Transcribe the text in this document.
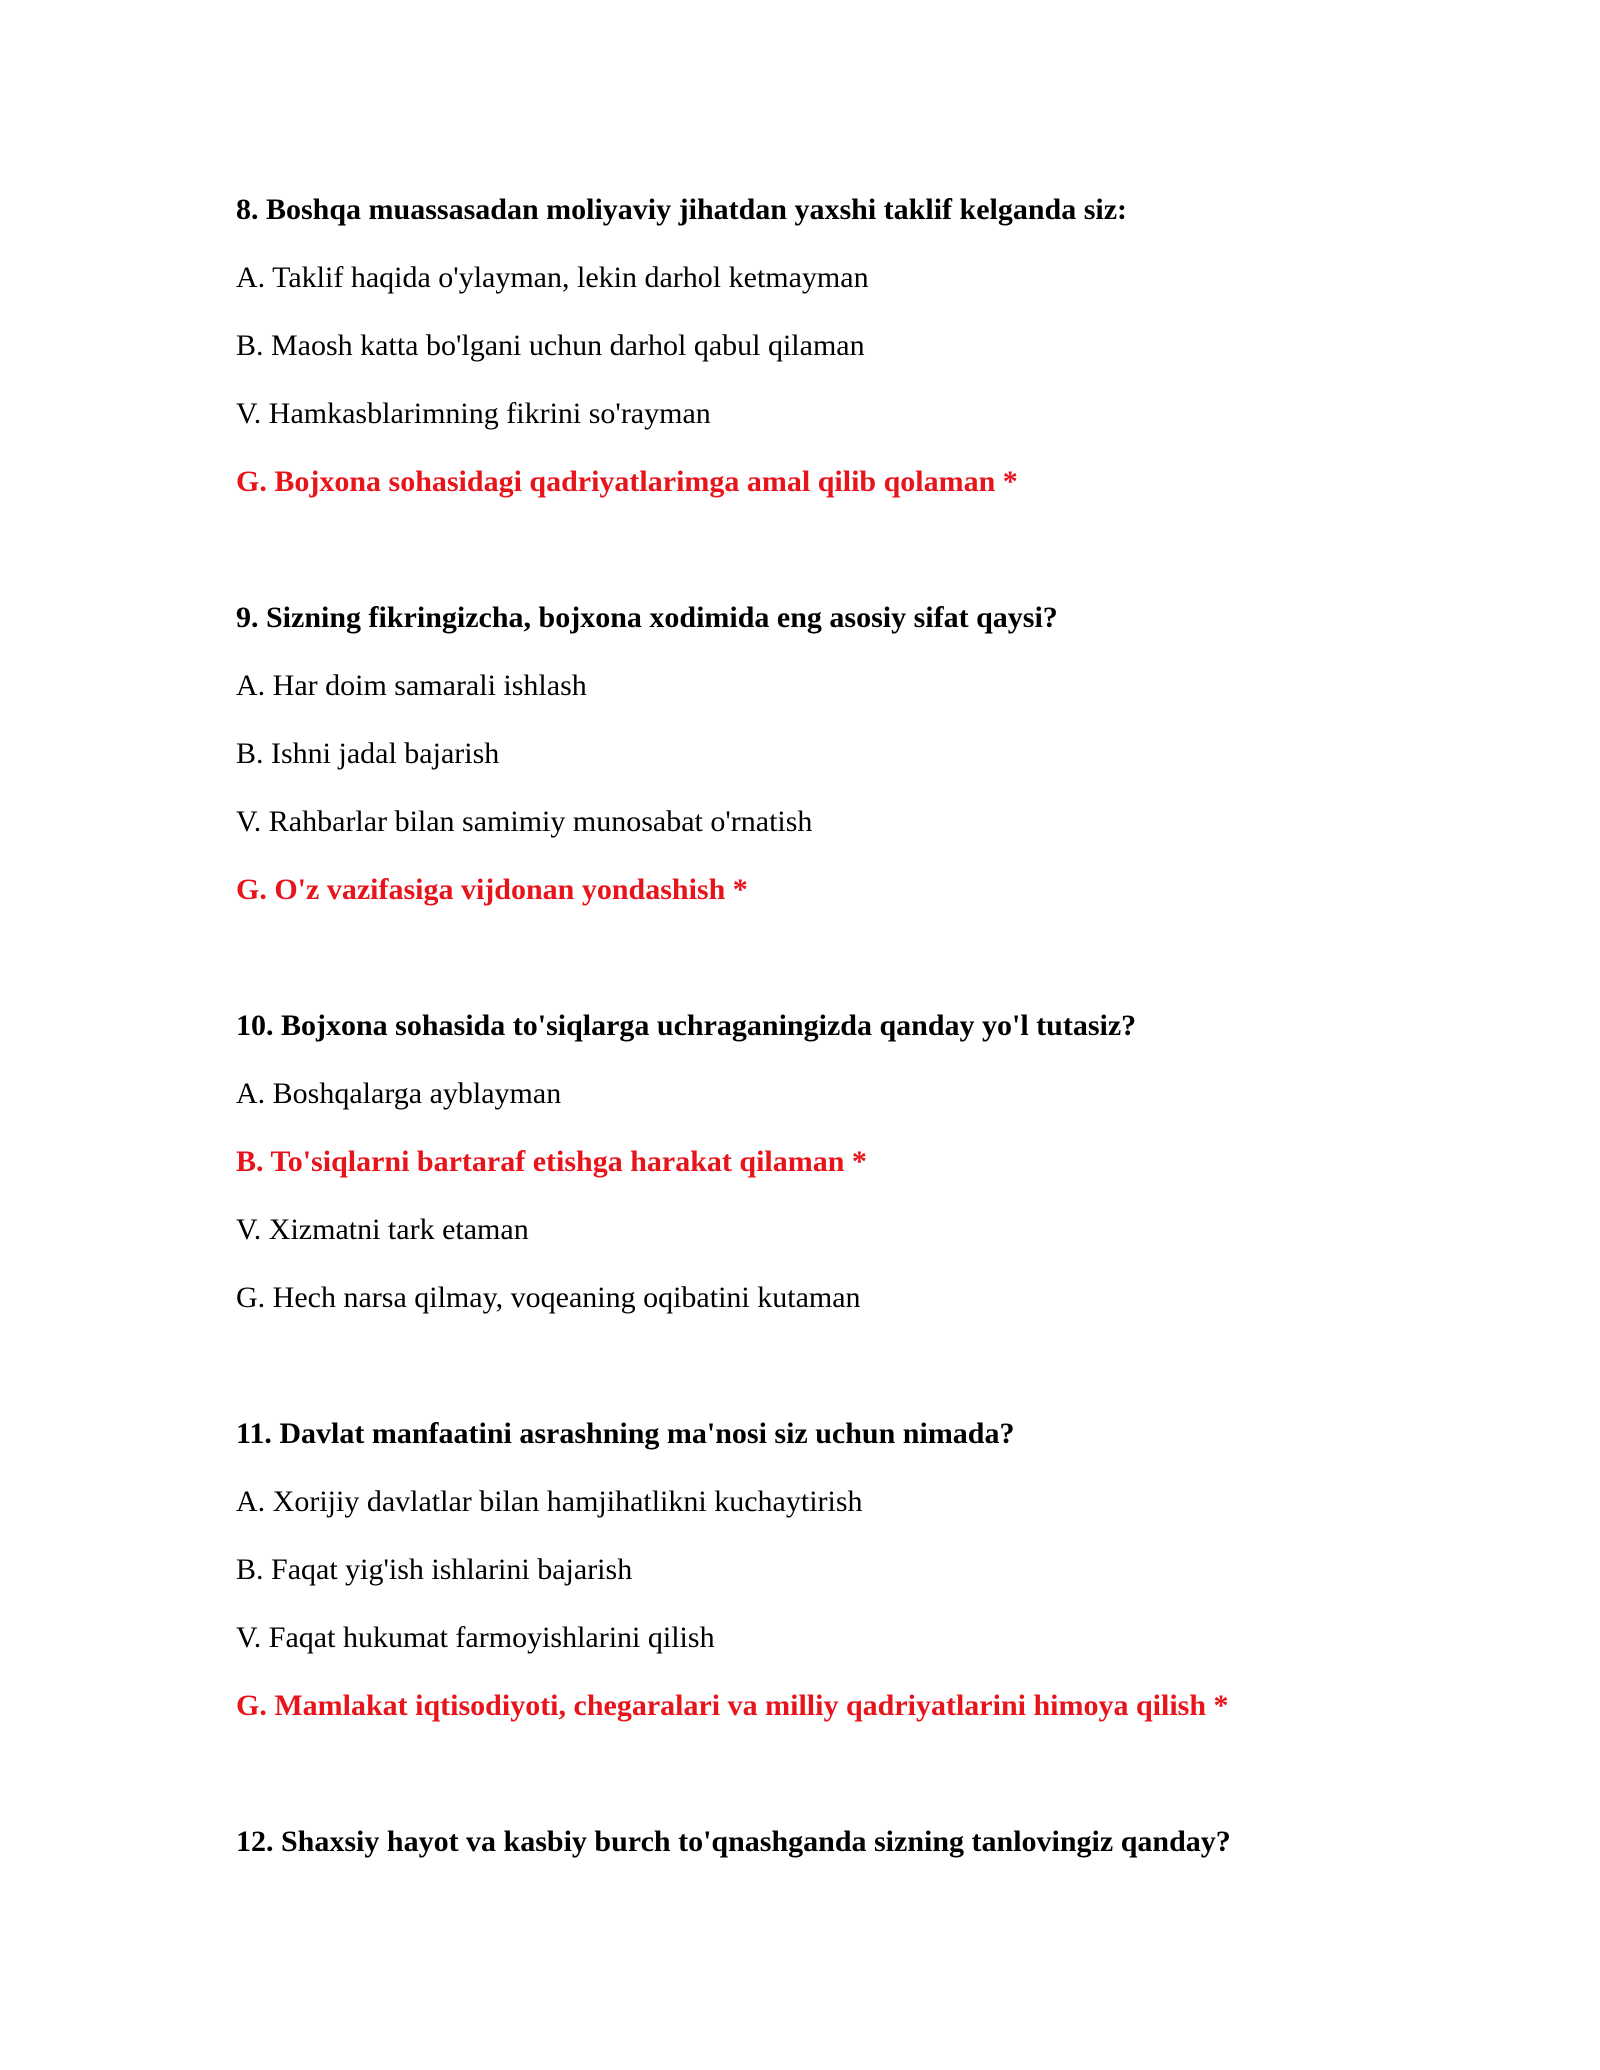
8. Boshqa muassasadan moliyaviy jihatdan yaxshi taklif kelganda siz:
A. Taklif haqida o'ylayman, lekin darhol ketmayman
B. Maosh katta bo'lgani uchun darhol qabul qilaman
V. Hamkasblarimning fikrini so'rayman
G. Bojxona sohasidagi qadriyatlarimga amal qilib qolaman *
9. Sizning fikringizcha, bojxona xodimida eng asosiy sifat qaysi?
A. Har doim samarali ishlash
B. Ishni jadal bajarish
V. Rahbarlar bilan samimiy munosabat o'rnatish
G. O'z vazifasiga vijdonan yondashish *
10. Bojxona sohasida to'siqlarga uchraganingizda qanday yo'l tutasiz?
A. Boshqalarga ayblayman
B. To'siqlarni bartaraf etishga harakat qilaman *
V. Xizmatni tark etaman
G. Hech narsa qilmay, voqeaning oqibatini kutaman
11. Davlat manfaatini asrashning ma'nosi siz uchun nimada?
A. Xorijiy davlatlar bilan hamjihatlikni kuchaytirish
B. Faqat yig'ish ishlarini bajarish
V. Faqat hukumat farmoyishlarini qilish
G. Mamlakat iqtisodiyoti, chegaralari va milliy qadriyatlarini himoya qilish *
12. Shaxsiy hayot va kasbiy burch to'qnashganda sizning tanlovingiz qanday?
